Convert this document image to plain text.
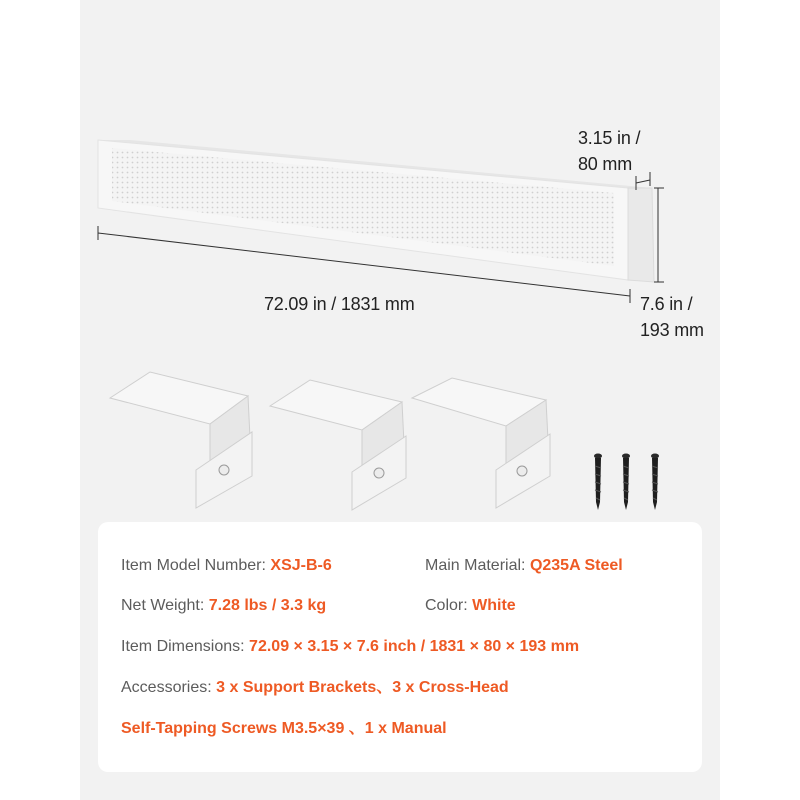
3.15 in /
80 mm
72.09 in / 1831 mm	7.6 in /
193 mm
Item Model Number: XSJ-B-6	Main Material: Q235A Steel
Net Weight: 7.28 lbs / 3.3 kg	Color: White
Item Dimensions: 72.09 × 3.15 × 7.6 inch / 1831 × 80 × 193 mm
Accessories: 3 x Support Brackets、3 x Cross-Head
Self-Tapping Screws M3.5×39 、1 x Manual
